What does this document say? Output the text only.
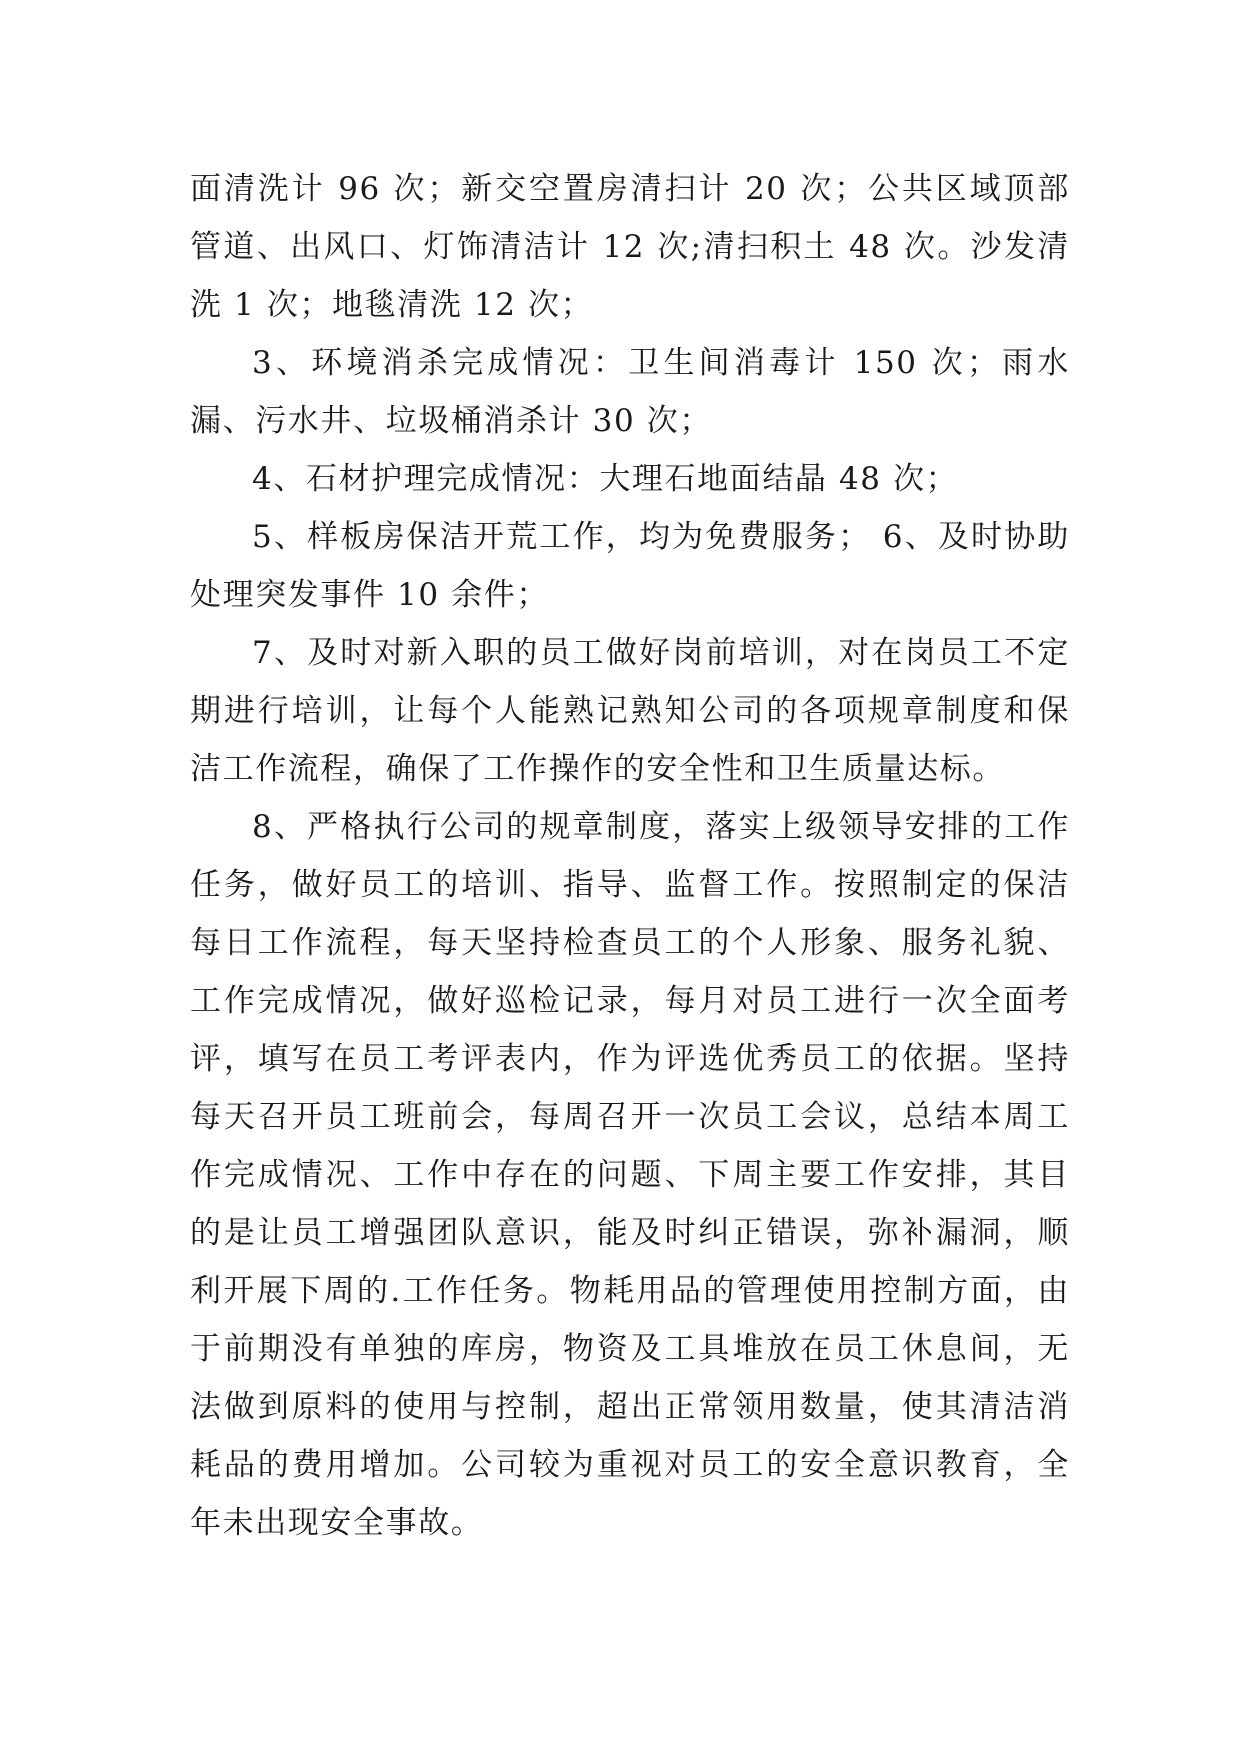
面清洗计 96 次；新交空置房清扫计 20 次；公共区域顶部管道、出风口、灯饰清洁计 12 次;清扫积土 48 次。沙发清洗 1 次；地毯清洗 12 次；

3、环境消杀完成情况：卫生间消毒计 150 次；雨水漏、污水井、垃圾桶消杀计 30 次；

4、石材护理完成情况：大理石地面结晶 48 次；

5、样板房保洁开荒工作，均为免费服务； 6、及时协助处理突发事件 10 余件；

7、及时对新入职的员工做好岗前培训，对在岗员工不定期进行培训，让每个人能熟记熟知公司的各项规章制度和保洁工作流程，确保了工作操作的安全性和卫生质量达标。

8、严格执行公司的规章制度，落实上级领导安排的工作任务，做好员工的培训、指导、监督工作。按照制定的保洁每日工作流程，每天坚持检查员工的个人形象、服务礼貌、工作完成情况，做好巡检记录，每月对员工进行一次全面考评，填写在员工考评表内，作为评选优秀员工的依据。坚持每天召开员工班前会，每周召开一次员工会议，总结本周工作完成情况、工作中存在的问题、下周主要工作安排，其目的是让员工增强团队意识，能及时纠正错误，弥补漏洞，顺利开展下周的.工作任务。物耗用品的管理使用控制方面，由于前期没有单独的库房，物资及工具堆放在员工休息间，无法做到原料的使用与控制，超出正常领用数量，使其清洁消耗品的费用增加。公司较为重视对员工的安全意识教育，全年未出现安全事故。
